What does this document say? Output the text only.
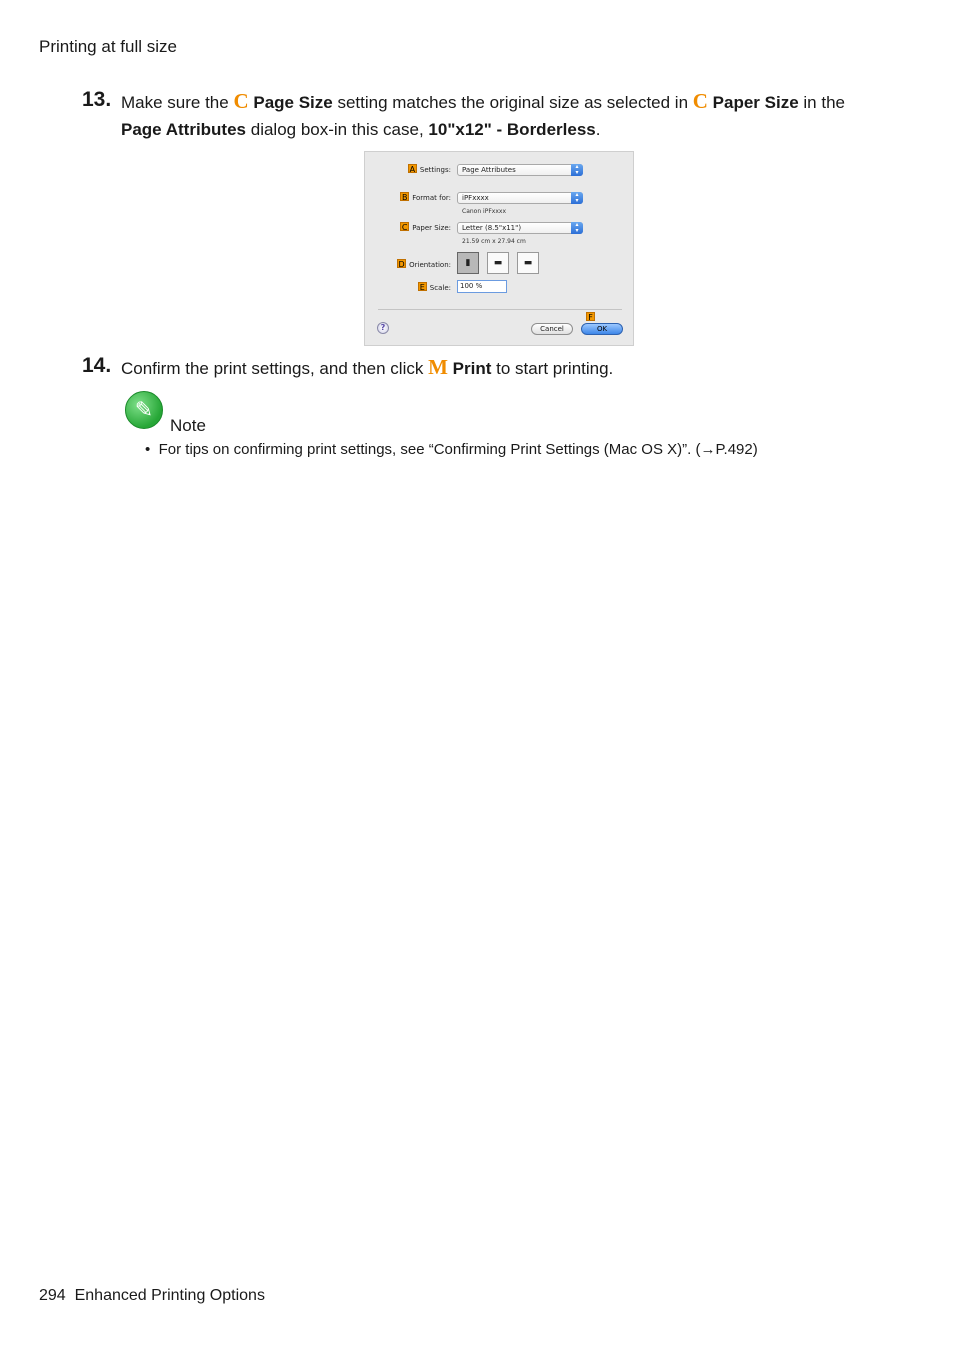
Printing at full size
13. Make sure the C Page Size setting matches the original size as selected in C Paper Size in the
Page Attributes dialog box-in this case, 10"x12" - Borderless.
A Settings:	Page Attributes	▴
▾
B Format for:	iPFxxxx	▴
▾
Canon iPFxxxx
C Paper Size:	Letter (8.5"x11")	▴
▾
21.59 cm x 27.94 cm
D Orientation:	▮	▬	▬
E Scale:	100 %
?
F
Cancel	OK
14. Confirm the print settings, and then click M Print to start printing.
✎
Note
• For tips on confirming print settings, see “Confirming Print Settings (Mac OS X)”. (→P.492)
294 Enhanced Printing Options
